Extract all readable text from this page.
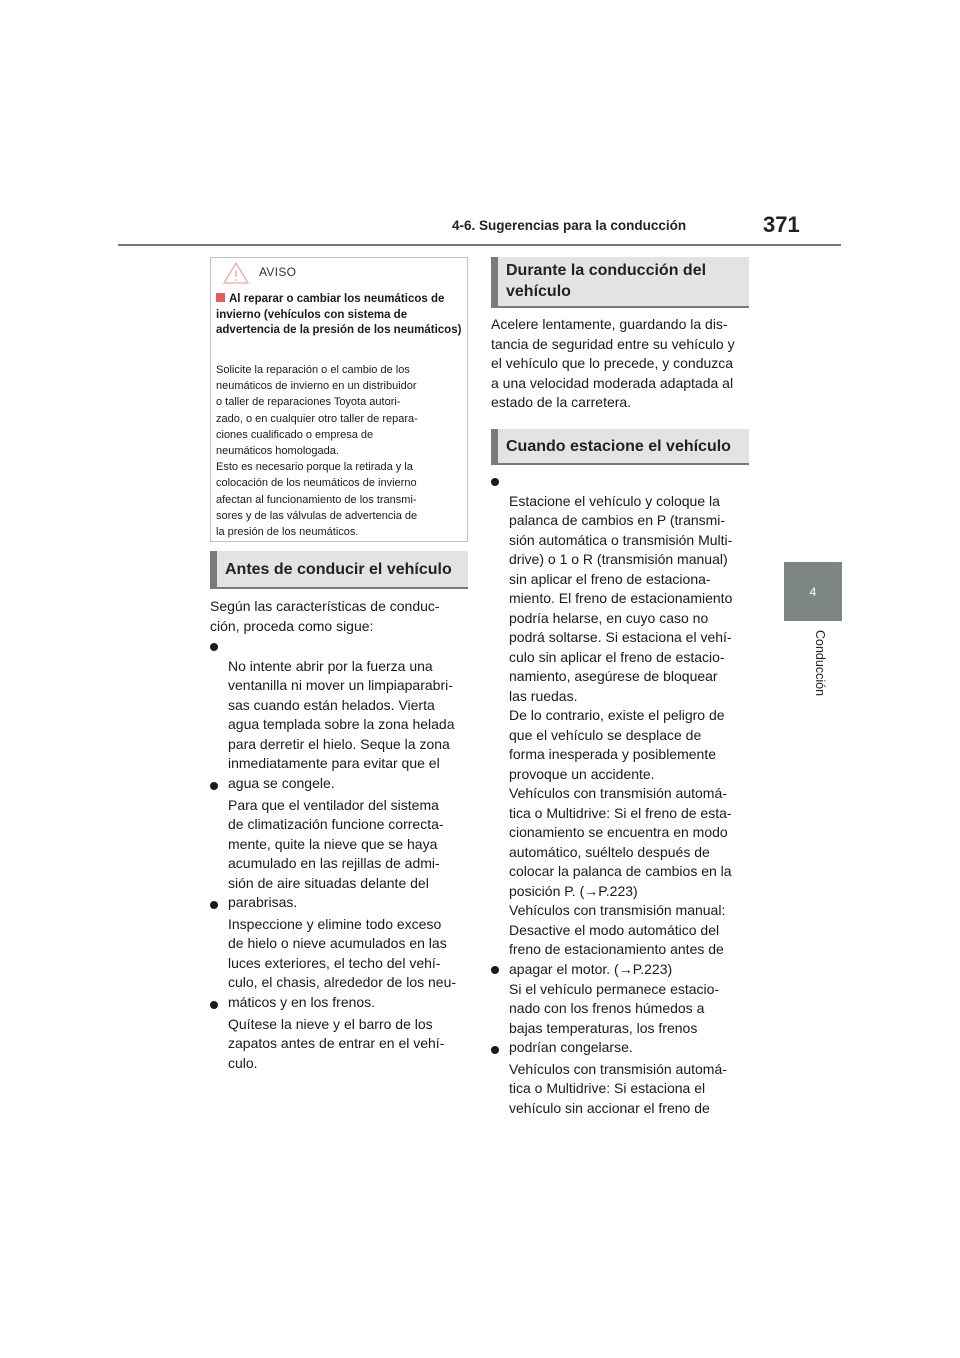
4-6. Sugerencias para la conducción	371
4
Conducción
AVISO
Al reparar o cambiar los neumáticos de invierno (vehículos con sistema de advertencia de la presión de los neumáticos)
Solicite la reparación o el cambio de los
neumáticos de invierno en un distribuidor
o taller de reparaciones Toyota autori-
zado, o en cualquier otro taller de repara-
ciones cualificado o empresa de
neumáticos homologada.
Esto es necesario porque la retirada y la
colocación de los neumáticos de invierno
afectan al funcionamiento de los transmi-
sores y de las válvulas de advertencia de
la presión de los neumáticos.
Antes de conducir el vehículo
Según las características de conduc-
ción, proceda como sigue:

No intente abrir por la fuerza una
ventanilla ni mover un limpiaparabri-
sas cuando están helados. Vierta
agua templada sobre la zona helada
para derretir el hielo. Seque la zona
inmediatamente para evitar que el
agua se congele.

Para que el ventilador del sistema
de climatización funcione correcta-
mente, quite la nieve que se haya
acumulado en las rejillas de admi-
sión de aire situadas delante del
parabrisas.

Inspeccione y elimine todo exceso
de hielo o nieve acumulados en las
luces exteriores, el techo del vehí-
culo, el chasis, alrededor de los neu-
máticos y en los frenos.

Quítese la nieve y el barro de los
zapatos antes de entrar en el vehí-
culo.

Durante la conducción del
vehículo
Acelere lentamente, guardando la dis-
tancia de seguridad entre su vehículo y
el vehículo que lo precede, y conduzca
a una velocidad moderada adaptada al
estado de la carretera.
Cuando estacione el vehículo

Estacione el vehículo y coloque la
palanca de cambios en P (transmi-
sión automática o transmisión Multi-
drive) o 1 o R (transmisión manual)
sin aplicar el freno de estaciona-
miento. El freno de estacionamiento
podría helarse, en cuyo caso no
podrá soltarse. Si estaciona el vehí-
culo sin aplicar el freno de estacio-
namiento, asegúrese de bloquear
las ruedas.
De lo contrario, existe el peligro de
que el vehículo se desplace de
forma inesperada y posiblemente
provoque un accidente.
Vehículos con transmisión automá-
tica o Multidrive: Si el freno de esta-
cionamiento se encuentra en modo
automático, suéltelo después de
colocar la palanca de cambios en la
posición P. (→P.223)
Vehículos con transmisión manual:
Desactive el modo automático del
freno de estacionamiento antes de
apagar el motor. (→P.223)

Si el vehículo permanece estacio-
nado con los frenos húmedos a
bajas temperaturas, los frenos
podrían congelarse.

Vehículos con transmisión automá-
tica o Multidrive: Si estaciona el
vehículo sin accionar el freno de
